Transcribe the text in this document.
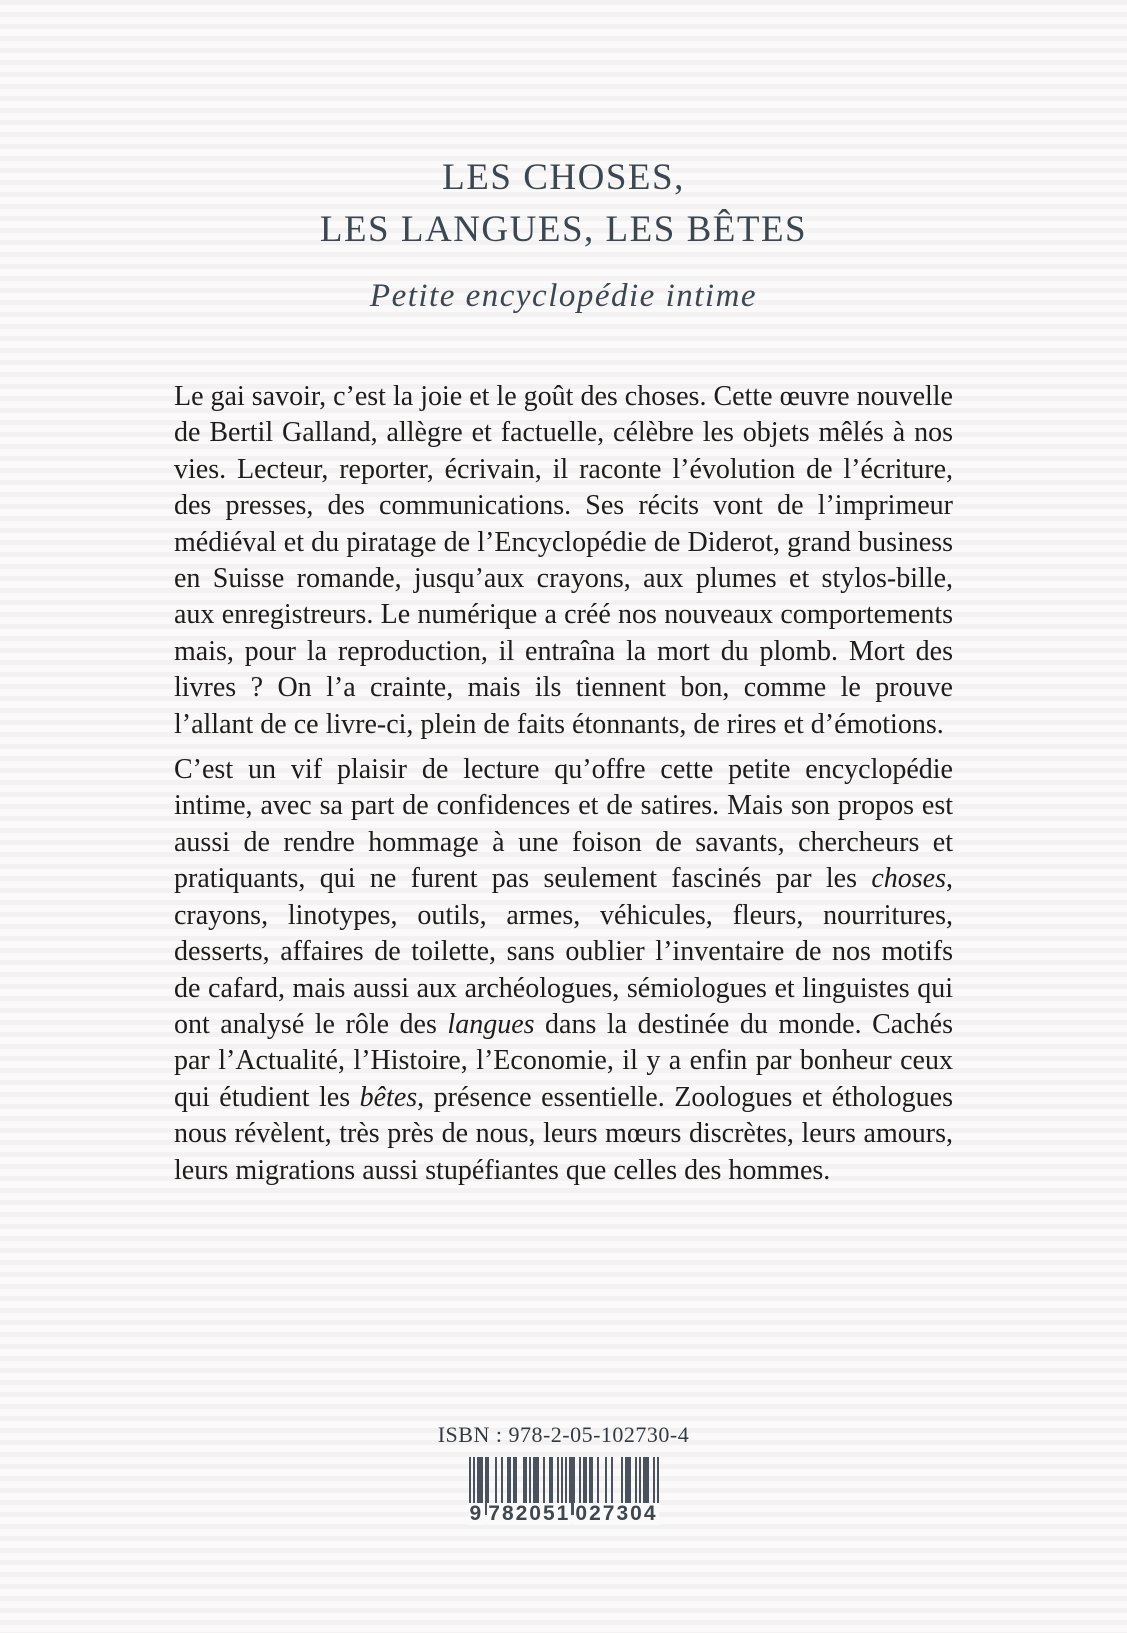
LES CHOSES,
LES LANGUES, LES BÊTES
Petite encyclopédie intime

Le gai savoir, c’est la joie et le goût des choses. Cette œuvre nouvelle de Bertil Galland, allègre et factuelle, célèbre les objets mêlés à nos vies. Lecteur, reporter, écrivain, il raconte l’évolution de l’écriture, des presses, des communications. Ses récits vont de l’imprimeur médiéval et du piratage de l’Encyclopédie de Diderot, grand business en Suisse romande, jusqu’aux crayons, aux plumes et stylos-bille, aux enregistreurs. Le numérique a créé nos nouveaux comportements mais, pour la reproduction, il entraîna la mort du plomb. Mort des livres ? On l’a crainte, mais ils tiennent bon, comme le prouve l’allant de ce livre-ci, plein de faits étonnants, de rires et d’émotions.

C’est un vif plaisir de lecture qu’offre cette petite encyclopédie intime, avec sa part de confidences et de satires. Mais son propos est aussi de rendre hommage à une foison de savants, chercheurs et pratiquants, qui ne furent pas seulement fascinés par les choses, crayons, linotypes, outils, armes, véhicules, fleurs, nourritures, desserts, affaires de toilette, sans oublier l’inventaire de nos motifs de cafard, mais aussi aux archéologues, sémiologues et linguistes qui ont analysé le rôle des langues dans la destinée du monde. Cachés par l’Actualité, l’Histoire, l’Economie, il y a enfin par bonheur ceux qui étudient les bêtes, présence essentielle. Zoologues et éthologues nous révèlent, très près de nous, leurs mœurs discrètes, leurs amours, leurs migrations aussi stupéfiantes que celles des hommes.

ISBN : 978-2-05-102730-4
9 782051 027304
